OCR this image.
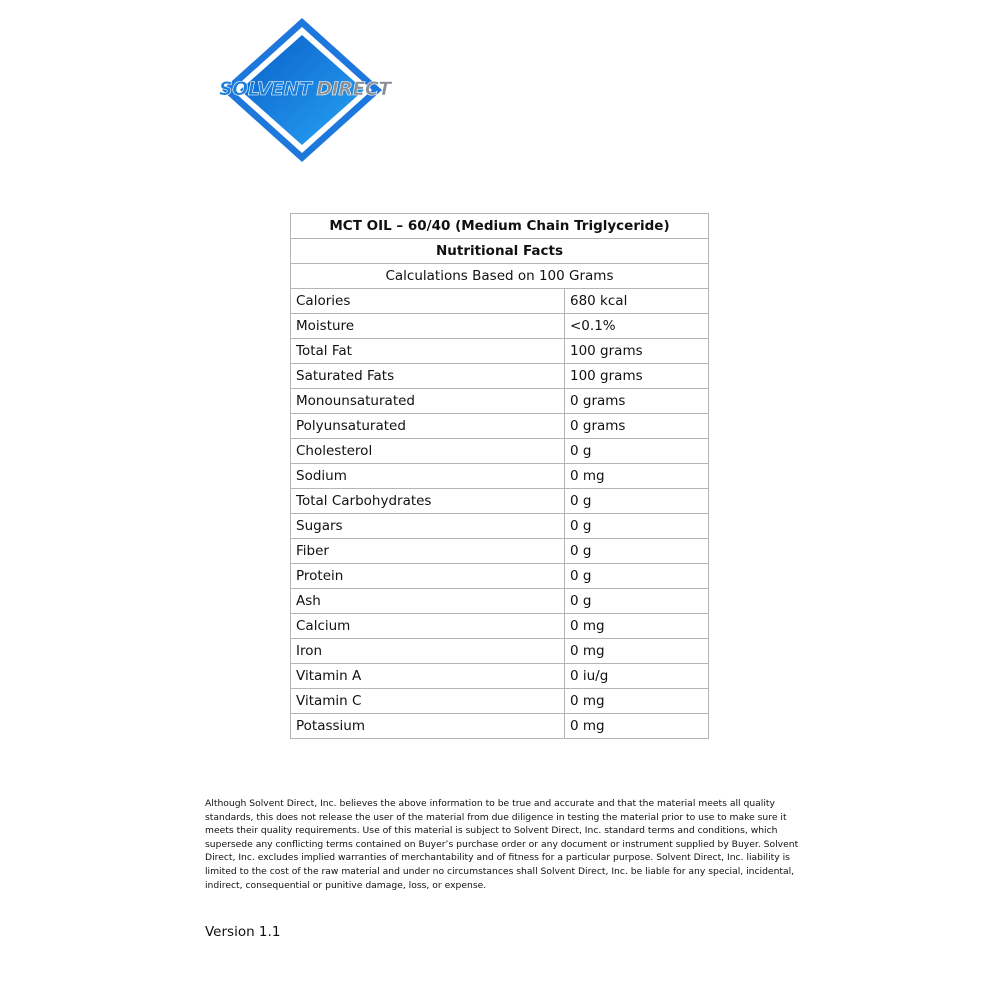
SOLVENT DIRECT
MCT OIL – 60/40 (Medium Chain Triglyceride)	
Nutritional Facts	
Calculations Based on 100 Grams	
Calories	680 kcal
Moisture	<0.1%
Total Fat	100 grams
Saturated Fats	100 grams
Monounsaturated	0 grams
Polyunsaturated	0 grams
Cholesterol	0 g
Sodium	0 mg
Total Carbohydrates	0 g
Sugars	0 g
Fiber	0 g
Protein	0 g
Ash	0 g
Calcium	0 mg
Iron	0 mg
Vitamin A	0 iu/g
Vitamin C	0 mg
Potassium	0 mg
Although Solvent Direct, Inc. believes the above information to be true and accurate and that the material meets all quality standards, this does not release the user of the material from due diligence in testing the material prior to use to make sure it meets their quality requirements. Use of this material is subject to Solvent Direct, Inc. standard terms and conditions, which supersede any conflicting terms contained on Buyer’s purchase order or any document or instrument supplied by Buyer. Solvent Direct, Inc. excludes implied warranties of merchantability and of fitness for a particular purpose. Solvent Direct, Inc. liability is limited to the cost of the raw material and under no circumstances shall Solvent Direct, Inc. be liable for any special, incidental, indirect, consequential or punitive damage, loss, or expense.
Version 1.1
